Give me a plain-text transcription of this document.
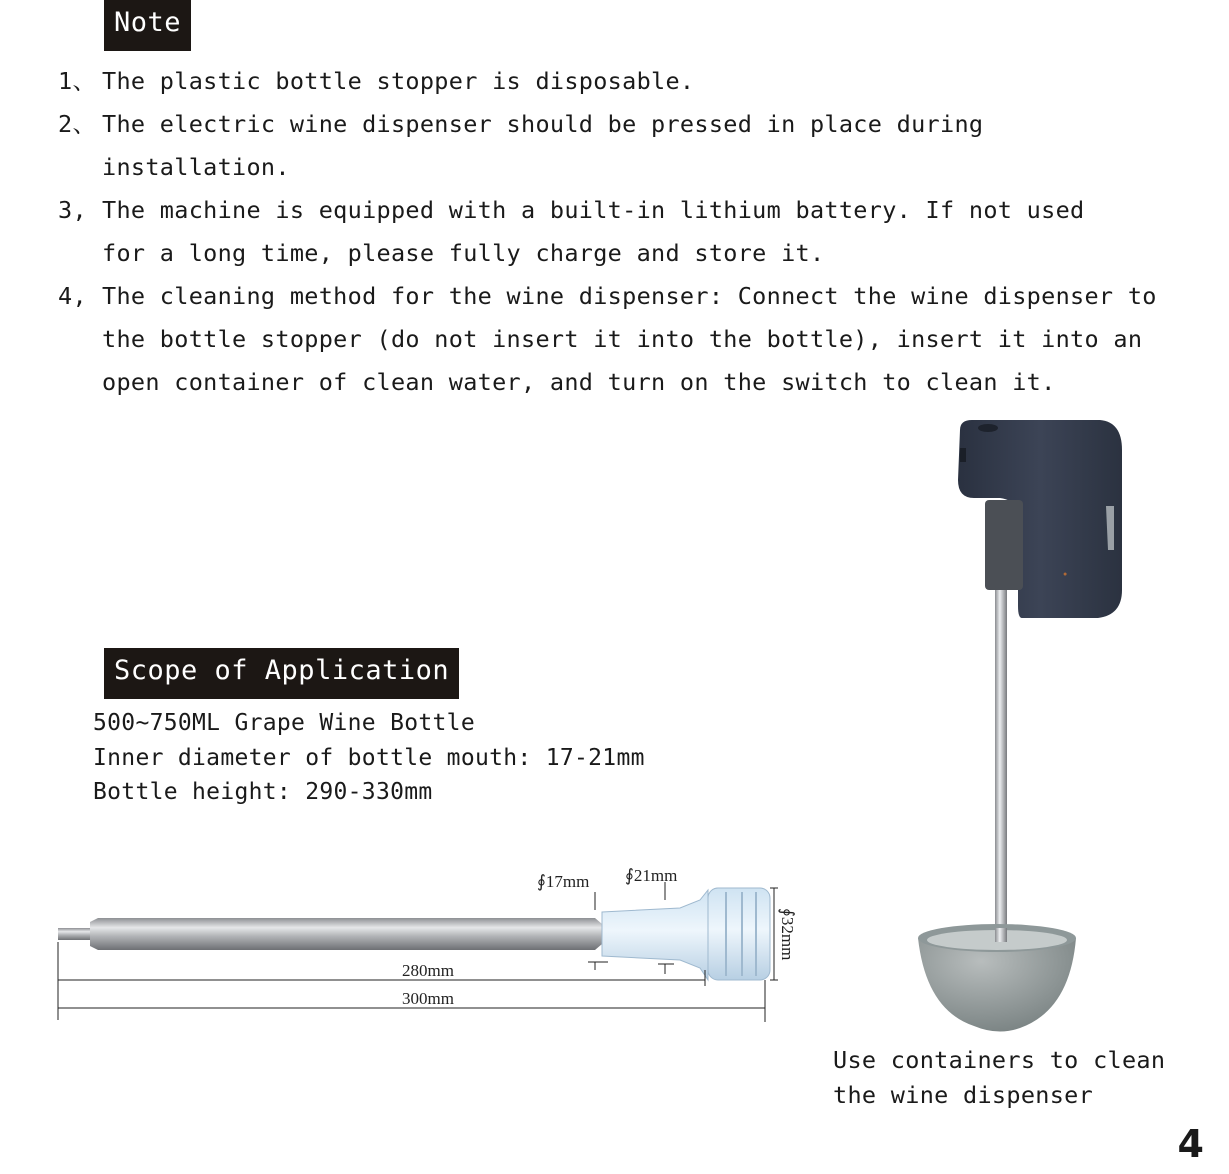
Note
1、 The plastic bottle stopper is disposable.
2、 The electric wine dispenser should be pressed in place during installation.
3, The machine is equipped with a built-in lithium battery. If not used for a long time, please fully charge and store it.
4, The cleaning method for the wine dispenser: Connect the wine dispenser to the bottle stopper (do not insert it into the bottle), insert it into an open container of clean water, and turn on the switch to clean it.
Scope of Application
500~750ML Grape Wine Bottle
Inner diameter of bottle mouth: 17-21mm
Bottle height: 290-330mm
∮17mm ∮21mm
∮32mm
280mm
300mm
●
Use containers to clean
the wine dispenser
4
